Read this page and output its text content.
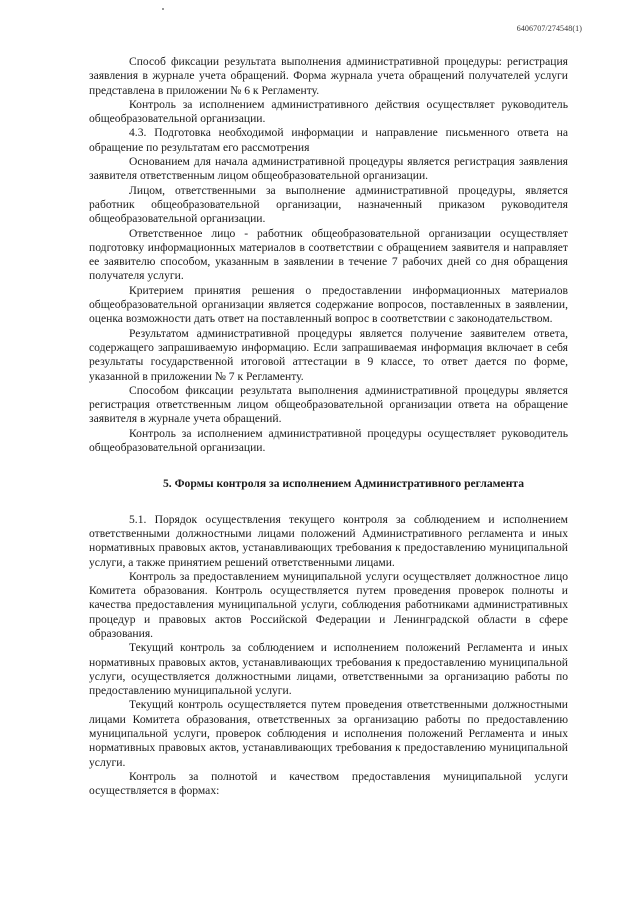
6406707/274548(1)

Способ фиксации результата выполнения административной процедуры: регистрация заявления в журнале учета обращений. Форма журнала учета обращений получателей услуги представлена в приложении № 6 к Регламенту.

Контроль за исполнением административного действия осуществляет руководитель общеобразовательной организации.

4.3. Подготовка необходимой информации и направление письменного ответа на обращение по результатам его рассмотрения

Основанием для начала административной процедуры является регистрация заявления заявителя ответственным лицом общеобразовательной организации.

Лицом, ответственными за выполнение административной процедуры, является работник общеобразовательной организации, назначенный приказом руководителя общеобразовательной организации.

Ответственное лицо - работник общеобразовательной организации осуществляет подготовку информационных материалов в соответствии с обращением заявителя и направляет ее заявителю способом, указанным в заявлении в течение 7 рабочих дней со дня обращения получателя услуги.

Критерием принятия решения о предоставлении информационных материалов общеобразовательной организации является содержание вопросов, поставленных в заявлении, оценка возможности дать ответ на поставленный вопрос в соответствии с законодательством.

Результатом административной процедуры является получение заявителем ответа, содержащего запрашиваемую информацию. Если запрашиваемая информация включает в себя результаты государственной итоговой аттестации в 9 классе, то ответ дается по форме, указанной в приложении № 7 к Регламенту.

Способом фиксации результата выполнения административной процедуры является регистрация ответственным лицом общеобразовательной организации ответа на обращение заявителя в журнале учета обращений.

Контроль за исполнением административной процедуры осуществляет руководитель общеобразовательной организации.

5. Формы контроля за исполнением Административного регламента

5.1. Порядок осуществления текущего контроля за соблюдением и исполнением ответственными должностными лицами положений Административного регламента и иных нормативных правовых актов, устанавливающих требования к предоставлению муниципальной услуги, а также принятием решений ответственными лицами.

Контроль за предоставлением муниципальной услуги осуществляет должностное лицо Комитета образования. Контроль осуществляется путем проведения проверок полноты и качества предоставления муниципальной услуги, соблюдения работниками административных процедур и правовых актов Российской Федерации и Ленинградской области в сфере образования.

Текущий контроль за соблюдением и исполнением положений Регламента и иных нормативных правовых актов, устанавливающих требования к предоставлению муниципальной услуги, осуществляется должностными лицами, ответственными за организацию работы по предоставлению муниципальной услуги.

Текущий контроль осуществляется путем проведения ответственными должностными лицами Комитета образования, ответственных за организацию работы по предоставлению муниципальной услуги, проверок соблюдения и исполнения положений Регламента и иных нормативных правовых актов, устанавливающих требования к предоставлению муниципальной услуги.

Контроль за полнотой и качеством предоставления муниципальной услуги осуществляется в формах:
